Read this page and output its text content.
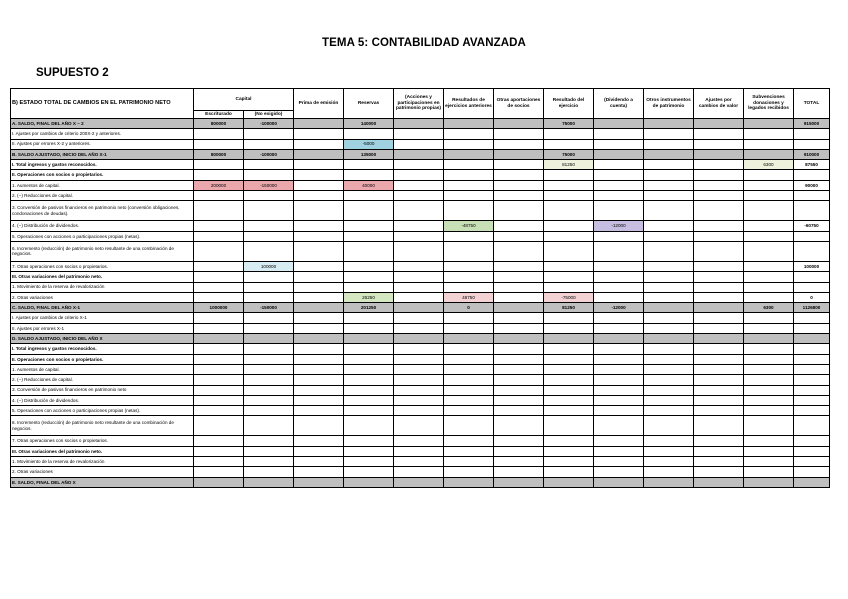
TEMA 5: CONTABILIDAD AVANZADA
SUPUESTO 2
B) ESTADO TOTAL DE CAMBIOS EN EL PATRIMONIO NETO	Capital		Prima de emisión	Reservas	(Acciones y participaciones en patrimonio propias)	Resultados de ejercicios anteriores	Otras aportaciones de socios	Resultado del ejercicio	(Dividendo a cuenta)	Otros instrumentos de patrimonio	Ajustes por cambios de valor	Subvenciones donaciones y legados recibidos	TOTAL
	Escriturado	(No exigido)											
A. SALDO, FINAL DEL AÑO X – 2	800000	-100000		140000				75000					915000
I. Ajustes por cambios de criterio 200X-2 y anteriores.													
II. Ajustes por errores X-2 y anteriores.				-5000									
B. SALDO AJUSTADO, INICIO DEL AÑO X-1	800000	-100000		135000				75000					910000
I. Total ingresos y gastos reconocidos.								81250				6300	87550
II. Operaciones con socios o propietarios.													
1. Aumentos de capital.	200000	-150000		40000									90000
2. (−) Reducciones de capital.													
3. Conversión de pasivos financieros en patrimonio neto (conversión obligaciones, condonaciones de deudas).													
4. (−) Distribución de dividendos.						-48750			-12000				-60750
5. Operaciones con acciones o participaciones propias (netas).													
6. Incremento (reducción) de patrimonio neto resultante de una combinación de negocios.													
7. Otras operaciones con socios o propietarios.		100000											100000
III. Otras variaciones del patrimonio neto.													
1. Movimiento de la reserva de revalorización													
2. Otras variaciones				26250		48750		-75000					0
C. SALDO, FINAL DEL AÑO X-1	1000000	-150000		201250		0		81250	-12000			6300	1126800
I. Ajustes por cambios de criterio X-1													
II. Ajustes por errores X-1													
D. SALDO AJUSTADO, INICIO DEL AÑO X													
I. Total ingresos y gastos reconocidos.													
II. Operaciones con socios o propietarios.													
1. Aumentos de capital.													
2. (−) Reducciones de capital.													
3. Conversión de pasivos financieros en patrimonio neto													
4. (−) Distribución de dividendos.													
5. Operaciones con acciones o participaciones propias (netas).													
6. Incremento (reducción) de patrimonio neto resultante de una combinación de negocios.													
7. Otras operaciones con socios o propietarios.													
III. Otras variaciones del patrimonio neto.													
1. Movimiento de la reserva de revalorización													
2. Otras variaciones													
E. SALDO, FINAL DEL AÑO X													
